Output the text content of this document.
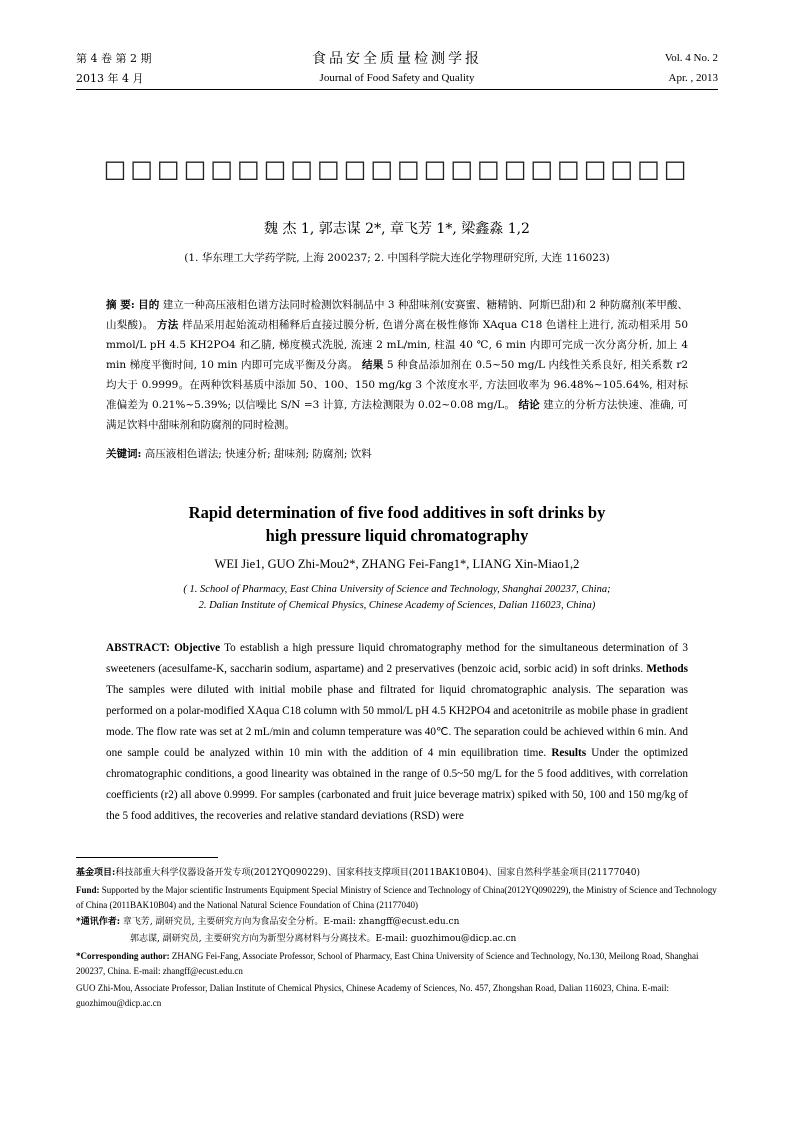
第 4 卷 第 2 期	食品安全质量检测学报	Vol. 4 No. 2
2013 年 4 月	Journal of Food Safety and Quality	Apr. , 2013
□□□□□□□□□□□□□□□□□□□□□□
魏 杰 1, 郭志谋 2*, 章飞芳 1*, 梁鑫淼 1,2
(1. 华东理工大学药学院, 上海 200237; 2. 中国科学院大连化学物理研究所, 大连 116023)
摘 要: 目的 建立一种高压液相色谱方法同时检测饮料制品中 3 种甜味剂(安赛蜜、糖精钠、阿斯巴甜)和 2 种防腐剂(苯甲酸、山梨酸)。 方法 样品采用起始流动相稀释后直接过膜分析, 色谱分离在极性修饰 XAqua C18 色谱柱上进行, 流动相采用 50 mmol/L pH 4.5 KH2PO4 和乙腈, 梯度模式洗脱, 流速 2 mL/min, 柱温 40 ℃, 6 min 内即可完成一次分离分析, 加上 4 min 梯度平衡时间, 10 min 内即可完成平衡及分离。 结果 5 种食品添加剂在 0.5~50 mg/L 内线性关系良好, 相关系数 r2 均大于 0.9999。在两种饮料基质中添加 50、100、150 mg/kg 3 个浓度水平, 方法回收率为 96.48%~105.64%, 相对标准偏差为 0.21%~5.39%; 以信噪比 S/N =3 计算, 方法检测限为 0.02~0.08 mg/L。 结论 建立的分析方法快速、准确, 可满足饮料中甜味剂和防腐剂的同时检测。
关键词: 高压液相色谱法; 快速分析; 甜味剂; 防腐剂; 饮料
Rapid determination of five food additives in soft drinks by
high pressure liquid chromatography
WEI Jie1, GUO Zhi-Mou2*, ZHANG Fei-Fang1*, LIANG Xin-Miao1,2
( 1. School of Pharmacy, East China University of Science and Technology, Shanghai 200237, China;
2. Dalian Institute of Chemical Physics, Chinese Academy of Sciences, Dalian 116023, China)
ABSTRACT: Objective To establish a high pressure liquid chromatography method for the simultaneous determination of 3 sweeteners (acesulfame-K, saccharin sodium, aspartame) and 2 preservatives (benzoic acid, sorbic acid) in soft drinks. Methods The samples were diluted with initial mobile phase and filtrated for liquid chromatographic analysis. The separation was performed on a polar-modified XAqua C18 column with 50 mmol/L pH 4.5 KH2PO4 and acetonitrile as mobile phase in gradient mode. The flow rate was set at 2 mL/min and column temperature was 40℃. The separation could be achieved within 6 min. And one sample could be analyzed within 10 min with the addition of 4 min equilibration time. Results Under the optimized chromatographic conditions, a good linearity was obtained in the range of 0.5~50 mg/L for the 5 food additives, with correlation coefficients (r2) all above 0.9999. For samples (carbonated and fruit juice beverage matrix) spiked with 50, 100 and 150 mg/kg of the 5 food additives, the recoveries and relative standard deviations (RSD) were

基金项目:科技部重大科学仪器设备开发专项(2012YQ090229)、国家科技支撑项目(2011BAK10B04)、国家自然科学基金项目(21177040)

Fund: Supported by the Major scientific Instruments Equipment Special Ministry of Science and Technology of China(2012YQ090229), the Ministry of Science and Technology of China (2011BAK10B04) and the National Natural Science Foundation of China (21177040)

*通讯作者: 章飞芳, 副研究员, 主要研究方向为食品安全分析。E-mail: zhangff@ecust.edu.cn

郭志谋, 副研究员, 主要研究方向为新型分离材料与分离技术。E-mail: guozhimou@dicp.ac.cn

*Corresponding author: ZHANG Fei-Fang, Associate Professor, School of Pharmacy, East China University of Science and Technology, No.130, Meilong Road, Shanghai 200237, China. E-mail: zhangff@ecust.edu.cn

GUO Zhi-Mou, Associate Professor, Dalian Institute of Chemical Physics, Chinese Academy of Sciences, No. 457, Zhongshan Road, Dalian 116023, China. E-mail: guozhimou@dicp.ac.cn
